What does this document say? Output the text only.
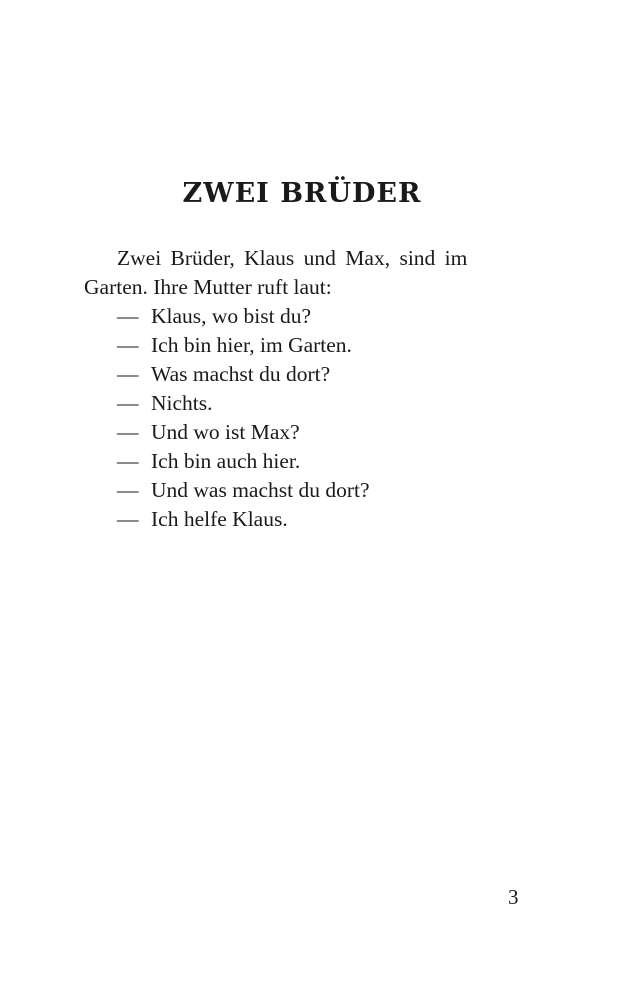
ZWEI BRÜDER
Zwei Brüder, Klaus und Max, sind im
Garten. Ihre Mutter ruft laut:
— Klaus, wo bist du?
— Ich bin hier, im Garten.
— Was machst du dort?
— Nichts.
— Und wo ist Max?
— Ich bin auch hier.
— Und was machst du dort?
— Ich helfe Klaus.
3
